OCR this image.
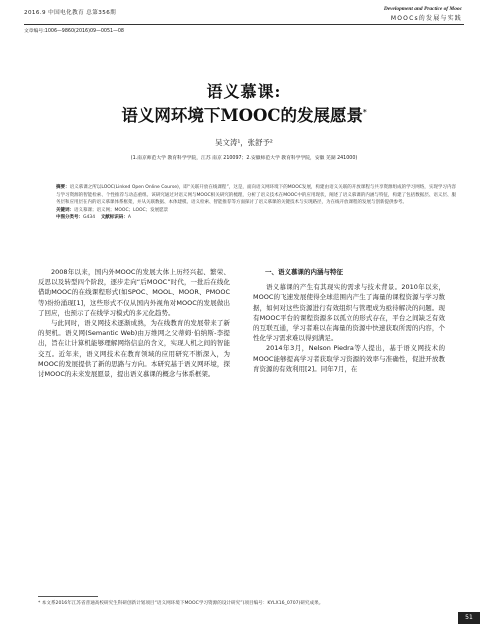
2016.9 中国电化教育 总第356期
Development and Practice of Mooc
MOOCs的发展与实践
文章编号:1006—9860(2016)09—0051—08
语义慕课:
语义网环境下MOOC的发展愿景*
吴文涛¹，张舒予²
(1.南京师范大学 教育科学学院，江苏 南京 210097；2.安徽师范大学 教育科学学院，安徽 芜湖 241000)

摘要：语义慕课之所以LOOC(Linked Open Online Course)，即“关联开放在线课程”，这是，面向语义网环境下的MOOC发展，构建由语义关联的开放课程与共享资源组成的学习网络，实现学习内容与学习资源的智能检索、个性推荐与动态重组。该研究通过对语义网与MOOC相关研究的梳理，分析了语义技术在MOOC中的应用现状，阐述了语义慕课的内涵与特征，构建了包括数据层、语义层、服务层和应用层在内的语义慕课体系框架，并从关联数据、本体建模、语义检索、智能推荐等方面探讨了语义慕课的关键技术与实现路径，为在线开放课程的发展与创新提供参考。

关键词：语义慕课；语义网；MOOC；LOOC；发展愿景

中图分类号：G434 文献标识码：A

2008年以来，国内外MOOC的发展大体上历经兴起、繁荣、反思以及转型四个阶段，逐步走向“后MOOC”时代，一批后在线化借助MOOC的在线课程形式(如SPOC、MOOL、MOOR、PMOOC等)纷纷涌现[1]，这些形式不仅从国内外视角对MOOC的发展做出了回应，也预示了在线学习模式的多元化趋势。

与此同时，语义网技术逐渐成熟，为在线教育的发展带来了新的契机。语义网(Semantic Web)由万维网之父蒂姆·伯纳斯-李提出，旨在让计算机能够理解网络信息的含义，实现人机之间的智能交互。近年来，语义网技术在教育领域的应用研究不断深入，为MOOC的发展提供了新的思路与方向。本研究基于语义网环境，探讨MOOC的未来发展愿景，提出语义慕课的概念与体系框架。

一、语义慕课的内涵与特征

语义慕课的产生有其现实的需求与技术背景。2010年以来，MOOC的飞速发展使得全球范围内产生了海量的课程资源与学习数据，如何对这些资源进行有效组织与管理成为亟待解决的问题。现有MOOC平台的课程资源多以孤立的形式存在，平台之间缺乏有效的互联互通，学习者难以在海量的资源中快速获取所需的内容，个性化学习需求难以得到满足。

2014年3月，Nelson Piedra等人提出，基于语义网技术的MOOC能够提高学习者获取学习资源的效率与准确性，促进开放教育资源的有效利用[2]。同年7月，在

* 本文系2016年江苏省普通高校研究生科研创新计划项目“语义网环境下MOOC学习资源的设计研究”(项目编号：KYLX16_0707)研究成果。
51
